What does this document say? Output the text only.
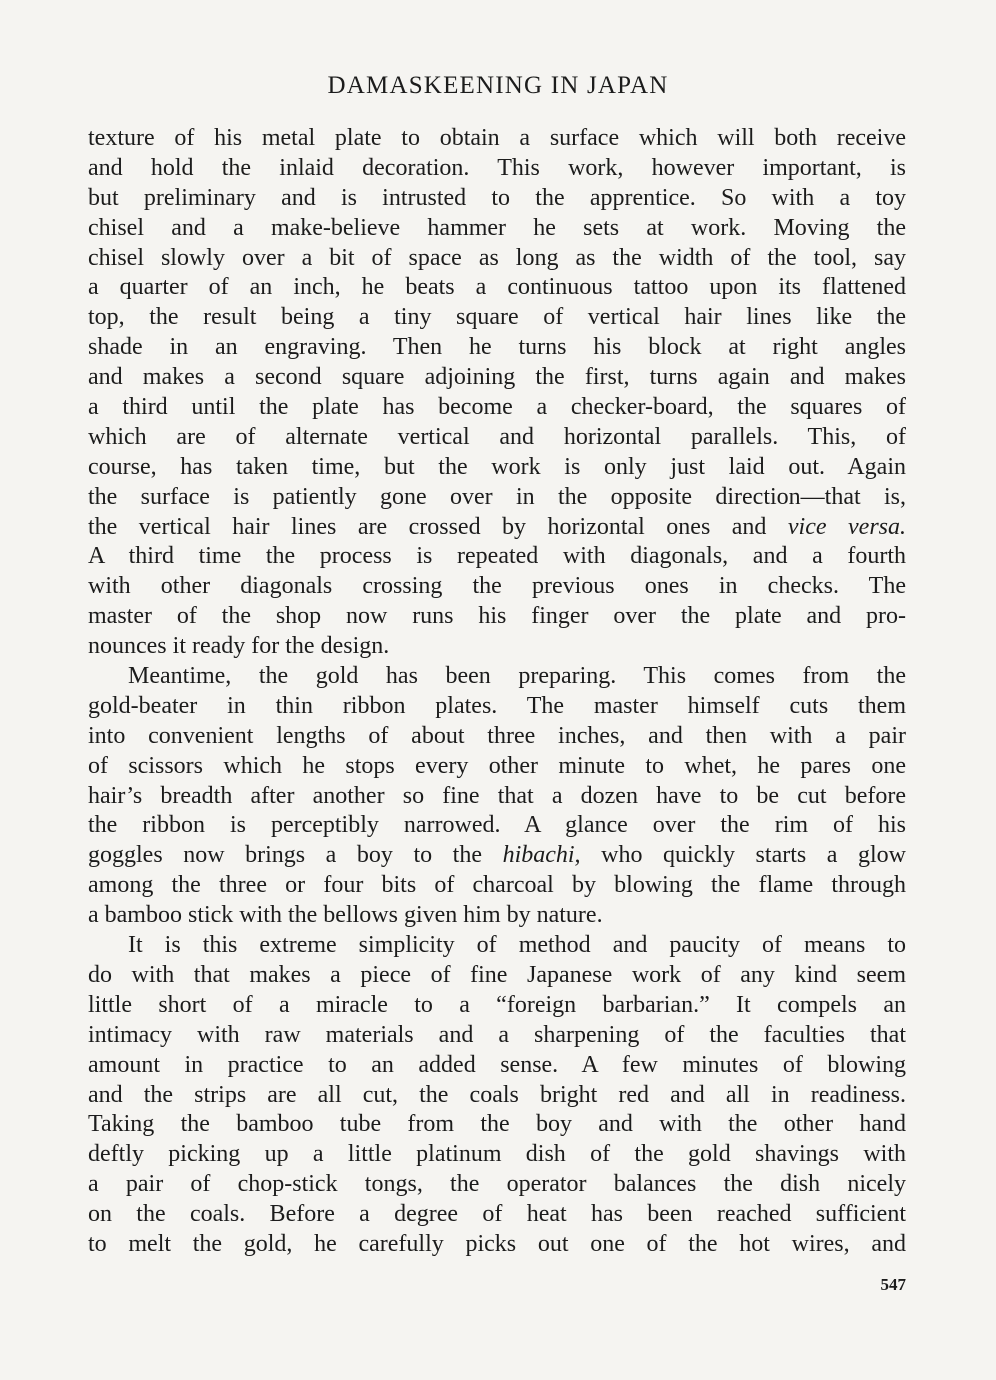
DAMASKEENING IN JAPAN
texture of his metal plate to obtain a surface which will both receive
and hold the inlaid decoration. This work, however important, is
but preliminary and is intrusted to the apprentice. So with a toy
chisel and a make-believe hammer he sets at work. Moving the
chisel slowly over a bit of space as long as the width of the tool, say
a quarter of an inch, he beats a continuous tattoo upon its flattened
top, the result being a tiny square of vertical hair lines like the
shade in an engraving. Then he turns his block at right angles
and makes a second square adjoining the first, turns again and makes
a third until the plate has become a checker-board, the squares of
which are of alternate vertical and horizontal parallels. This, of
course, has taken time, but the work is only just laid out. Again
the surface is patiently gone over in the opposite direction—that is,
the vertical hair lines are crossed by horizontal ones and vice versa.
A third time the process is repeated with diagonals, and a fourth
with other diagonals crossing the previous ones in checks. The
master of the shop now runs his finger over the plate and pro-
nounces it ready for the design.
Meantime, the gold has been preparing. This comes from the
gold-beater in thin ribbon plates. The master himself cuts them
into convenient lengths of about three inches, and then with a pair
of scissors which he stops every other minute to whet, he pares one
hair’s breadth after another so fine that a dozen have to be cut before
the ribbon is perceptibly narrowed. A glance over the rim of his
goggles now brings a boy to the hibachi, who quickly starts a glow
among the three or four bits of charcoal by blowing the flame through
a bamboo stick with the bellows given him by nature.
It is this extreme simplicity of method and paucity of means to
do with that makes a piece of fine Japanese work of any kind seem
little short of a miracle to a “foreign barbarian.” It compels an
intimacy with raw materials and a sharpening of the faculties that
amount in practice to an added sense. A few minutes of blowing
and the strips are all cut, the coals bright red and all in readiness.
Taking the bamboo tube from the boy and with the other hand
deftly picking up a little platinum dish of the gold shavings with
a pair of chop-stick tongs, the operator balances the dish nicely
on the coals. Before a degree of heat has been reached sufficient
to melt the gold, he carefully picks out one of the hot wires, and
547
